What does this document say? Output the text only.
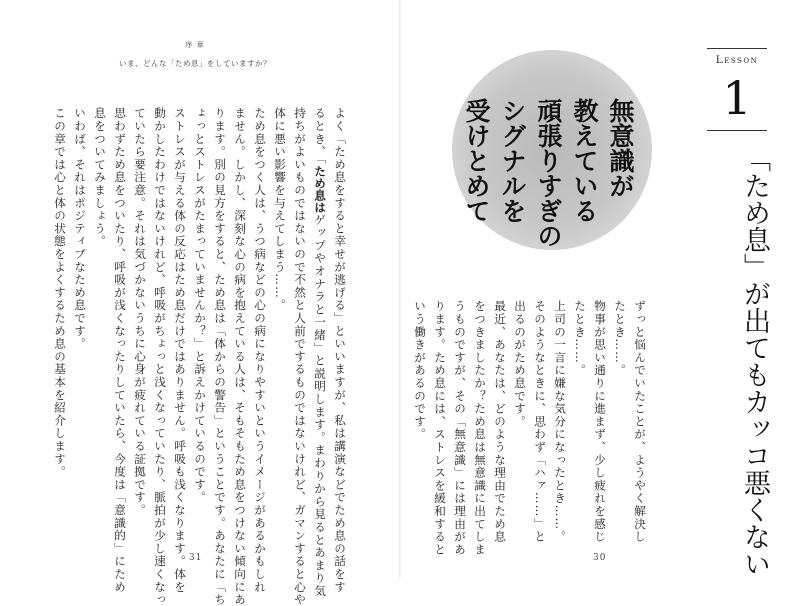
序 章
いま、どんな「ため息」をしていますか？

よく「ため息をすると幸せが逃げる」といいますが、私は講演などでため息の話をす
るとき、「ため息はゲップやオナラと一緒」と説明します。まわりから見るとあまり気
持ちがよいものではないので不然と人前でするものではないけれど、ガマンすると心や
体に悪い影響を与えてしまう……。

ため息をつく人は、うつ病などの心の病になりやすいというイメージがあるかもしれ
ません。しかし、深刻な心の病を抱えている人は、そもそもため息をつけない傾向にあ
ります。別の見方をすると、ため息は「体からの警告」ということです。あなたに「ち
ょっとストレスがたまっていませんか？」と訴えかけているのです。

ストレスが与える体の反応はため息だけではありません。呼吸も浅くなります。体を
動かしたわけではないけれど、呼吸がちょっと浅くなっていたり、脈拍が少し速くなっ
ていたら要注意。それは気づかないうちに心身が疲れている証拠です。

思わずため息をついたり、呼吸が浅くなったりしていたら、今度は「意識的」にため
息をついてみましょう。

いわば、それはポジティブなため息です。

この章では心と体の状態をよくするため息の基本を紹介します。

31
無意識が
教えている
頑張りすぎの
シグナルを
受けとめて
Lesson
1
「ため息」が出てもカッコ悪くない

ずっと悩んでいたことが、ようやく解決し
たとき……。

物事が思い通りに進まず、少し疲れを感じ
たとき……。

上司の一言に嫌な気分になったとき……。

そのようなときに、思わず「ハァ……」と
出るのがため息です。

最近、あなたは、どのような理由でため息
をつきましたか？ため息は無意識に出てしま
うものですが、その「無意識」には理由があ
ります。ため息には、ストレスを緩和すると
いう働きがあるのです。

30
